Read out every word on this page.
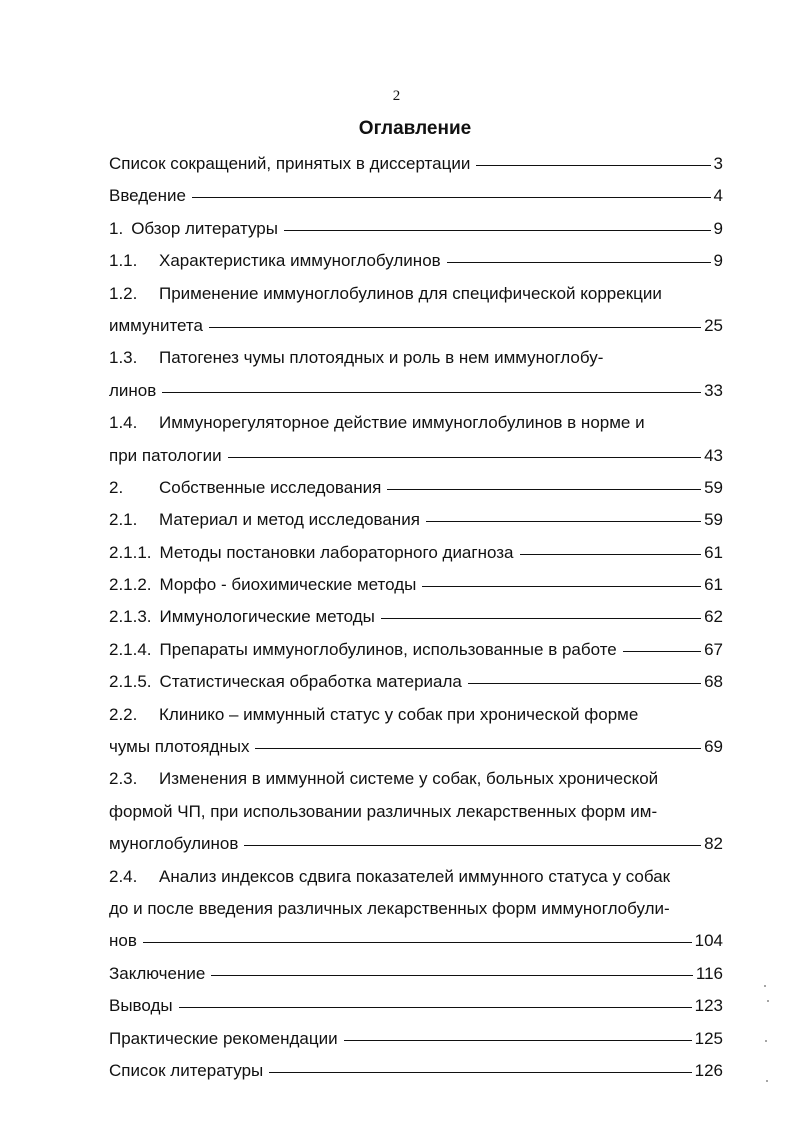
2
Оглавление
Список сокращений, принятых в диссертации	3
Введение	4
1. Обзор литературы	9
1.1.	Характеристика иммуноглобулинов	9
1.2.	Применение иммуноглобулинов для специфической коррекции
иммунитета	25
1.3.	Патогенез чумы плотоядных и роль в нем иммуноглобу-
линов	33
1.4.	Иммунорегуляторное действие иммуноглобулинов в норме и
при патологии	43
2.	Собственные исследования	59
2.1.	Материал и метод исследования	59
2.1.1. Методы постановки лабораторного диагноза	61
2.1.2. Морфо - биохимические методы	61
2.1.3. Иммунологические методы	62
2.1.4. Препараты иммуноглобулинов, использованные в работе	67
2.1.5. Статистическая обработка материала	68
2.2.	Клинико – иммунный статус у собак при хронической форме
чумы плотоядных	69
2.3.	Изменения в иммунной системе у собак, больных хронической
формой ЧП, при использовании различных лекарственных форм им-
муноглобулинов	82
2.4.	Анализ индексов сдвига показателей иммунного статуса у собак
до и после введения различных лекарственных форм иммуноглобули-
нов	104
Заключение	116
Выводы	123
Практические рекомендации	125
Список литературы	126
